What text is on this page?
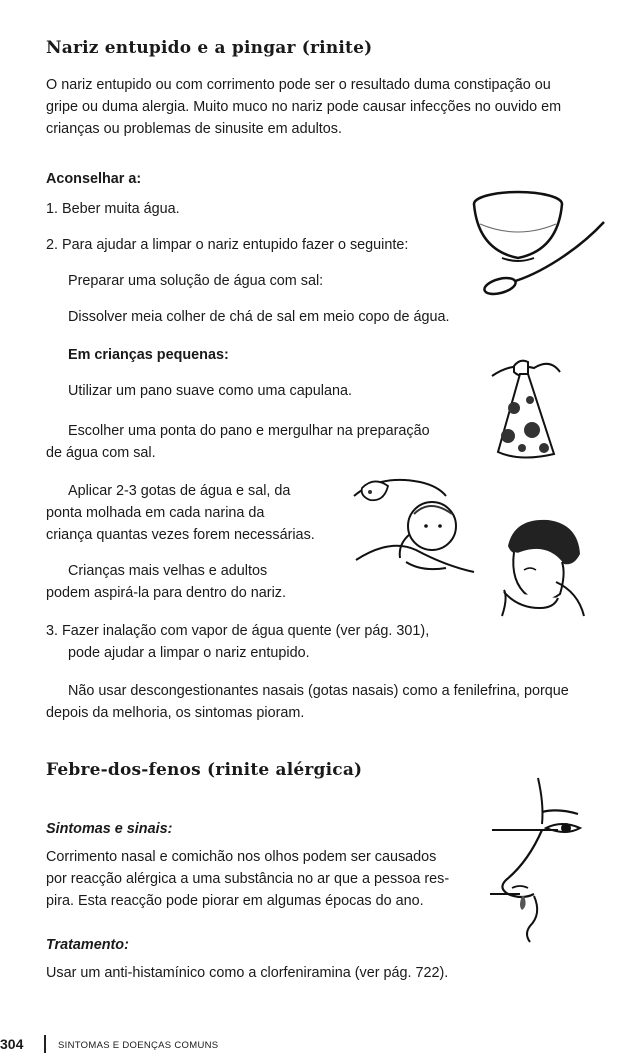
Nariz entupido e a pingar (rinite)
O nariz entupido ou com corrimento pode ser o resultado duma constipação ou
gripe ou duma alergia. Muito muco no nariz pode causar infecções no ouvido em
crianças ou problemas de sinusite em adultos.
Aconselhar a:
1. Beber muita água.
2. Para ajudar a limpar o nariz entupido fazer o seguinte:
Preparar uma solução de água com sal:
Dissolver meia colher de chá de sal em meio copo de água.
Em crianças pequenas:
Utilizar um pano suave como uma capulana.
Escolher uma ponta do pano e mergulhar na preparação
de água com sal.
Aplicar 2-3 gotas de água e sal, da
ponta molhada em cada narina da
criança quantas vezes forem necessárias.
Crianças mais velhas e adultos
podem aspirá-la para dentro do nariz.
3. Fazer inalação com vapor de água quente (ver pág. 301),
pode ajudar a limpar o nariz entupido.
Não usar descongestionantes nasais (gotas nasais) como a fenilefrina, porque
depois da melhoria, os sintomas pioram.
Febre-dos-fenos (rinite alérgica)
Sintomas e sinais:
Corrimento nasal e comichão nos olhos podem ser causados
por reacção alérgica a uma substância no ar que a pessoa res-
pira. Esta reacção pode piorar em algumas épocas do ano.
Tratamento:
Usar um anti-histamínico como a clorfeniramina (ver pág. 722).
304	SINTOMAS E DOENÇAS COMUNS
